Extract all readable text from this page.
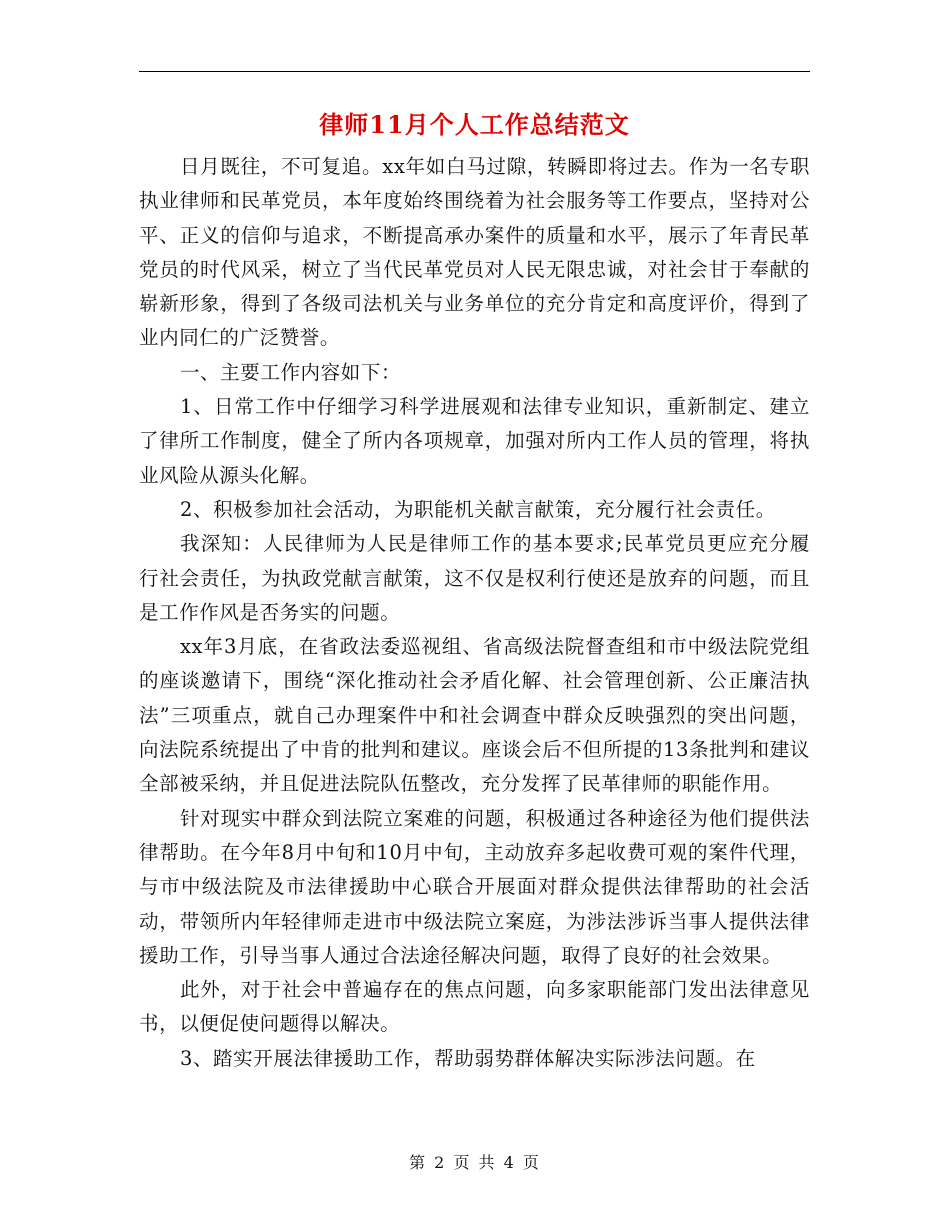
律师11月个人工作总结范文

日月既往，不可复追。xx年如白马过隙，转瞬即将过去。作为一名专职执业律师和民革党员，本年度始终围绕着为社会服务等工作要点，坚持对公平、正义的信仰与追求，不断提高承办案件的质量和水平，展示了年青民革党员的时代风采，树立了当代民革党员对人民无限忠诚，对社会甘于奉献的崭新形象，得到了各级司法机关与业务单位的充分肯定和高度评价，得到了业内同仁的广泛赞誉。

一、主要工作内容如下：

1、日常工作中仔细学习科学进展观和法律专业知识，重新制定、建立了律所工作制度，健全了所内各项规章，加强对所内工作人员的管理，将执业风险从源头化解。

2、积极参加社会活动，为职能机关献言献策，充分履行社会责任。

我深知：人民律师为人民是律师工作的基本要求;民革党员更应充分履行社会责任，为执政党献言献策，这不仅是权利行使还是放弃的问题，而且是工作作风是否务实的问题。

xx年3月底，在省政法委巡视组、省高级法院督查组和市中级法院党组的座谈邀请下，围绕“深化推动社会矛盾化解、社会管理创新、公正廉洁执法”三项重点，就自己办理案件中和社会调查中群众反映强烈的突出问题，向法院系统提出了中肯的批判和建议。座谈会后不但所提的13条批判和建议全部被采纳，并且促进法院队伍整改，充分发挥了民革律师的职能作用。

针对现实中群众到法院立案难的问题，积极通过各种途径为他们提供法律帮助。在今年8月中旬和10月中旬，主动放弃多起收费可观的案件代理，与市中级法院及市法律援助中心联合开展面对群众提供法律帮助的社会活动，带领所内年轻律师走进市中级法院立案庭，为涉法涉诉当事人提供法律援助工作，引导当事人通过合法途径解决问题，取得了良好的社会效果。

此外，对于社会中普遍存在的焦点问题，向多家职能部门发出法律意见书，以便促使问题得以解决。

3、踏实开展法律援助工作，帮助弱势群体解决实际涉法问题。在

第 2 页 共 4 页
